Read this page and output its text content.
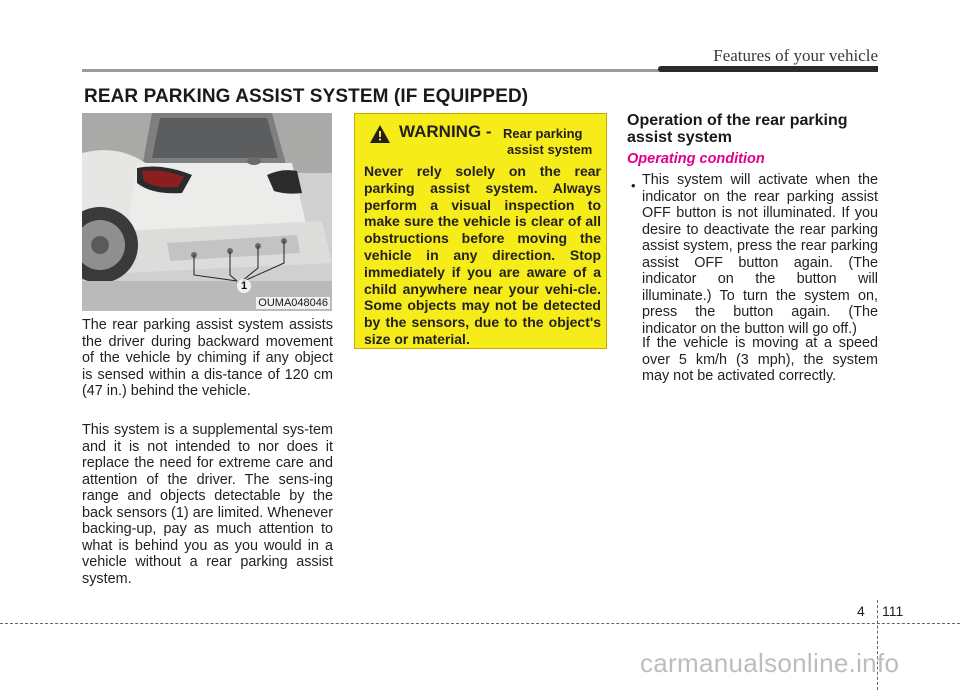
Features of your vehicle
REAR PARKING ASSIST SYSTEM (IF EQUIPPED)
1
OUMA048046

The rear parking assist system assists the driver during backward movement of the vehicle by chiming if any object is sensed within a dis-tance of 120 cm (47 in.) behind the vehicle.

This system is a supplemental sys-tem and it is not intended to nor does it replace the need for extreme care and attention of the driver. The sens-ing range and objects detectable by the back sensors (1) are limited. Whenever backing-up, pay as much attention to what is behind you as you would in a vehicle without a rear parking assist system.

WARNING - Rear parking
assist system

Never rely solely on the rear parking assist system. Always perform a visual inspection to make sure the vehicle is clear of all obstructions before moving the vehicle in any direction. Stop immediately if you are aware of a child anywhere near your vehi-cle. Some objects may not be detected by the sensors, due to the object's size or material.

Operation of the rear parking assist system
Operating condition
• This system will activate when the indicator on the rear parking assist OFF button is not illuminated. If you desire to deactivate the rear parking assist system, press the rear parking assist OFF button again. (The indicator on the button will illuminate.) To turn the system on, press the button again. (The indicator on the button will go off.)

If the vehicle is moving at a speed over 5 km/h (3 mph), the system may not be activated correctly.

4 111
carmanualsonline.info
